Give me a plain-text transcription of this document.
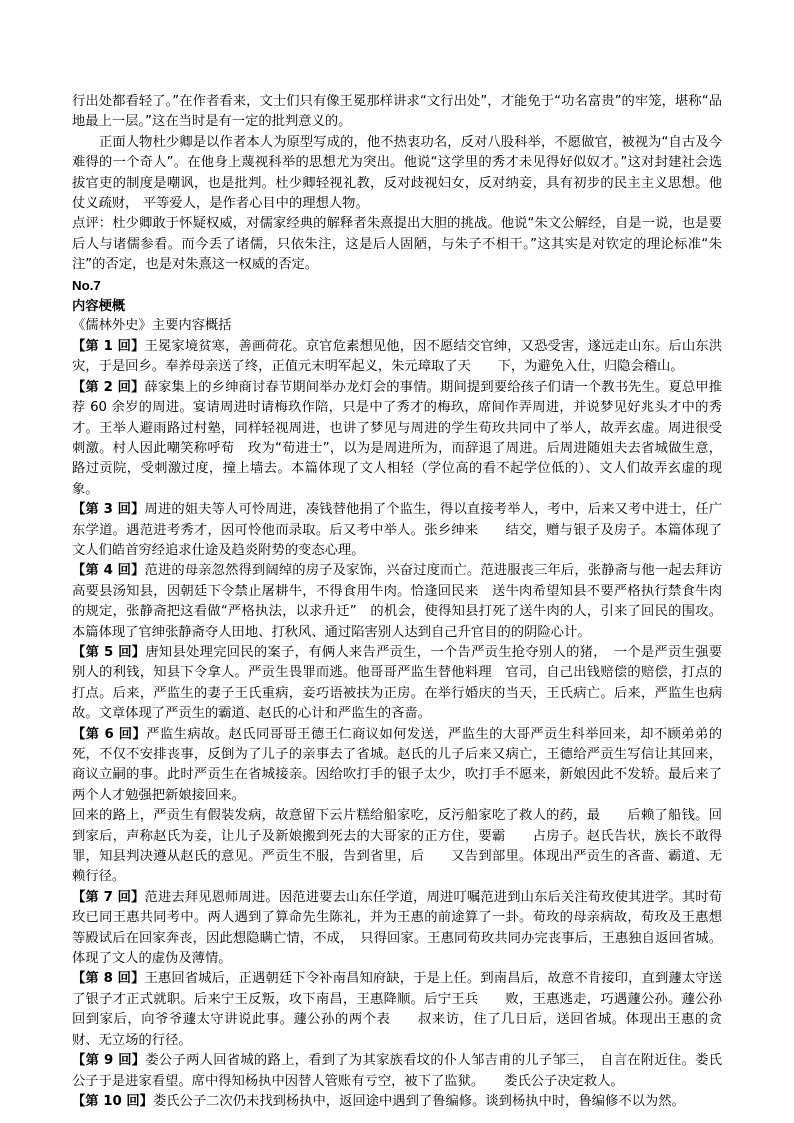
行出处都看轻了。”在作者看来，文士们只有像王冕那样讲求“文行出处”，才能免于“功名富贵”的牢笼，堪称“品地最上一层。”这在当时是有一定的批判意义的。

正面人物杜少卿是以作者本人为原型写成的，他不热衷功名，反对八股科举，不愿做官，被视为“自古及今难得的一个奇人”。在他身上蔑视科举的思想尤为突出。他说“这学里的秀才未见得好似奴才。”这对封建社会选拔官吏的制度是嘲讽，也是批判。杜少卿轻视礼教，反对歧视妇女，反对纳妾，具有初步的民主主义思想。他仗义疏财， 平等爱人，是作者心目中的理想人物。

点评：杜少卿敢于怀疑权威，对儒家经典的解释者朱熹提出大胆的挑战。他说“朱文公解经，自是一说，也是要后人与诸儒参看。而今丢了诸儒，只依朱注，这是后人固陋，与朱子不相干。”这其实是对钦定的理论标准“朱注”的否定，也是对朱熹这一权威的否定。

No.7

内容梗概

《儒林外史》主要内容概括

【第 1 回】王冕家境贫寒，善画荷花。京官危素想见他，因不愿结交官绅，又恐受害，遂远走山东。后山东洪灾，于是回乡。奉养母亲送了终，正值元末明军起义，朱元璋取了天　　下，为避免入仕，归隐会稽山。

【第 2 回】薛家集上的乡绅商讨春节期间举办龙灯会的事情。期间提到要给孩子们请一个教书先生。夏总甲推荐 60 余岁的周进。宴请周进时请梅玖作陪，只是中了秀才的梅玖，席间作弄周进，并说梦见好兆头才中的秀才。王举人避雨路过村塾，同样轻视周进，也讲了梦见与周进的学生荀玫共同中了举人，故弄玄虚。周进很受刺激。村人因此嘲笑称呼荀　玫为“荀进士”，以为是周进所为，而辞退了周进。后周进随姐夫去省城做生意，路过贡院，受刺激过度，撞上墙去。本篇体现了文人相轻（学位高的看不起学位低的）、文人们故弄玄虚的现象。

【第 3 回】周进的姐夫等人可怜周进，凑钱替他捐了个监生，得以直接考举人，考中，后来又考中进士，任广东学道。遇范进考秀才，因可怜他而录取。后又考中举人。张乡绅来　　结交，赠与银子及房子。本篇体现了文人们皓首穷经追求仕途及趋炎附势的变态心理。

【第 4 回】范进的母亲忽然得到阔绰的房子及家饰，兴奋过度而亡。范进服丧三年后，张静斋与他一起去拜访高要县汤知县，因朝廷下令禁止屠耕牛，不得食用牛肉。恰逢回民来　送牛肉希望知县不要严格执行禁食牛肉的规定，张静斋把这看做“严格执法，以求升迁”　的机会，使得知县打死了送牛肉的人，引来了回民的围攻。本篇体现了官绅张静斋夺人田地、打秋风、通过陷害别人达到自己升官目的的阴险心计。

【第 5 回】唐知县处理完回民的案子，有俩人来告严贡生，一个告严贡生抢夺别人的猪，　一个是严贡生强要别人的利钱，知县下令拿人。严贡生畏罪而逃。他哥哥严监生替他料理　官司，自己出钱赔偿的赔偿，打点的打点。后来，严监生的妻子王氏重病，妾巧语被扶为正房。在举行婚庆的当天，王氏病亡。后来，严监生也病故。文章体现了严贡生的霸道、赵氏的心计和严监生的吝啬。

【第 6 回】严监生病故。赵氏同哥哥王德王仁商议如何发送，严监生的大哥严贡生科举回来，却不顾弟弟的死，不仅不安排丧事，反倒为了儿子的亲事去了省城。赵氏的儿子后来又病亡，王德给严贡生写信让其回来，商议立嗣的事。此时严贡生在省城接亲。因给吹打手的银子太少，吹打手不愿来，新娘因此不发轿。最后来了两个人才勉强把新娘接回来。

回来的路上，严贡生有假装发病，故意留下云片糕给船家吃，反污船家吃了救人的药，最　　后赖了船钱。回到家后，声称赵氏为妾，让儿子及新娘搬到死去的大哥家的正方住，要霸　　占房子。赵氏告状，族长不敢得罪，知县判决遵从赵氏的意见。严贡生不服，告到省里，后　　又告到部里。体现出严贡生的吝啬、霸道、无赖行径。

【第 7 回】范进去拜见恩师周进。因范进要去山东任学道，周进叮嘱范进到山东后关注荀玫使其进学。其时荀玫已同王惠共同考中。两人遇到了算命先生陈礼，并为王惠的前途算了一卦。荀玫的母亲病故，荀玫及王惠想等殿试后在回家奔丧，因此想隐瞒亡情，不成，　只得回家。王惠同荀玫共同办完丧事后，王惠独自返回省城。体现了文人的虚伪及薄情。

【第 8 回】王惠回省城后，正遇朝廷下令补南昌知府缺，于是上任。到南昌后，故意不肯接印，直到蘧太守送了银子才正式就职。后来宁王反叛，攻下南昌，王惠降顺。后宁王兵　　败，王惠逃走，巧遇蘧公孙。蘧公孙回到家后，向爷爷蘧太守讲说此事。蘧公孙的两个表　　叔来访，住了几日后，送回省城。体现出王惠的贪财、无立场的行径。

【第 9 回】娄公子两人回省城的路上，看到了为其家族看坟的仆人邹吉甫的儿子邹三，　自言在附近住。娄氏公子于是进家看望。席中得知杨执中因替人管账有亏空，被下了监狱。　　娄氏公子决定救人。

【第 10 回】娄氏公子二次仍未找到杨执中，返回途中遇到了鲁编修。谈到杨执中时，鲁编修不以为然。
